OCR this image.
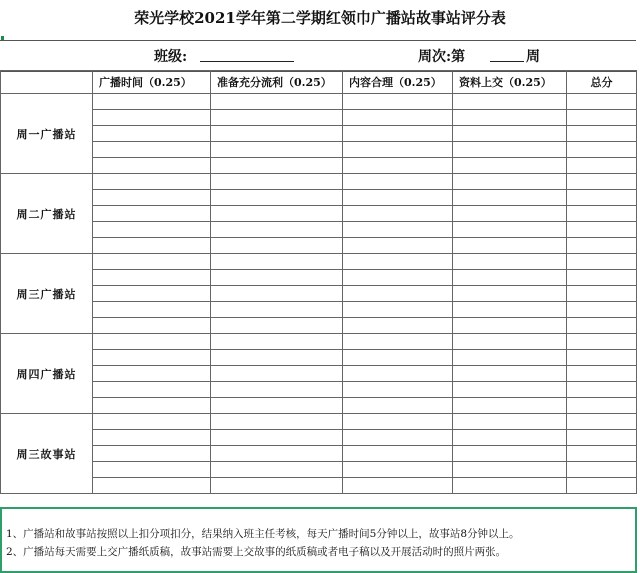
荣光学校2021学年第二学期红领巾广播站故事站评分表
班级:	周次:第	周
	广播时间（0.25）	准备充分流利（0.25）	内容合理（0.25）	资料上交（0.25）	总分
周一广播站					

周二广播站					

周三广播站					

周四广播站					

周三故事站					

1、广播站和故事站按照以上扣分项扣分，结果纳入班主任考核，每天广播时间5分钟以上，故事站8分钟以上。
2、广播站每天需要上交广播纸质稿，故事站需要上交故事的纸质稿或者电子稿以及开展活动时的照片两张。
